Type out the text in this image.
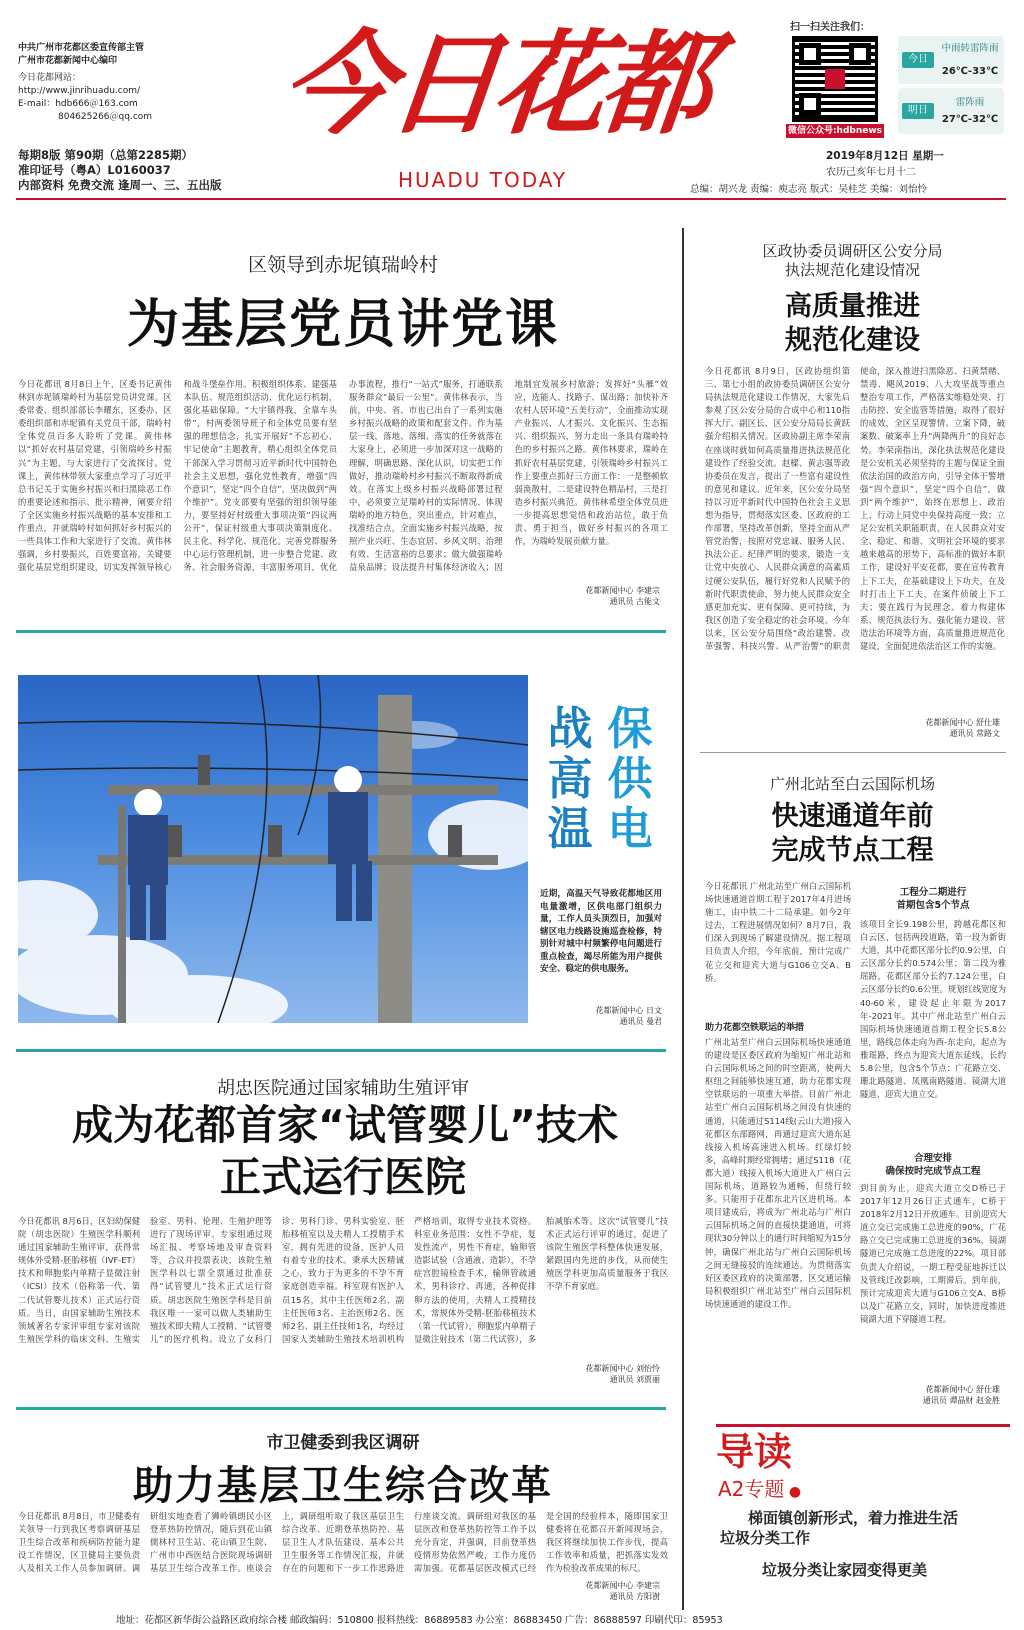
中共广州市花都区委宣传部主管
广州市花都新闻中心编印
今日花都网站：
http://www.jinrihuadu.com/
E-mail：hdb666＠163.com
804625266＠qq.com
每期8版 第90期（总第2285期）
准印证号（粤A）L0160037
内部资料 免费交流 逢周一、三、五出版
今日花都
HUADU TODAY
扫一扫关注我们：
微信公众号:hdbnews
今日
中雨转雷阵雨
26℃-33℃
明日
雷阵雨
27℃-32℃
2019年8月12日 星期一
农历己亥年七月十二
总编：胡兴龙 责编：庾志亮 版式：吴桂芝 美编：刘怡怜
区领导到赤坭镇瑞岭村
为基层党员讲党课
今日花都讯 8月8日上午，区委书记黄伟林到赤坭镇瑞岭村为基层党员讲党课。区委常委、组织部部长李耀东，区委办、区委组织部和赤坭镇有关党员干部，瑞岭村全体党员百多人聆听了党课。黄伟林以“抓好农村基层党建，引领瑞岭乡村振兴”为主题，与大家进行了交流探讨。党课上，黄伟林带领大家重点学习了习近平总书记关于实施乡村振兴和扫黑除恶工作的重要论述和指示、批示精神，阐要介绍了全区实施乡村振兴战略的基本安排和工作重点，并就瑞岭村如何抓好乡村振兴的一些具体工作和大家进行了交流。黄伟林强调，乡村要振兴，百姓要富裕，关键要强化基层党组织建设，切实发挥领导核心和战斗堡垒作用。积极组织体系、建强基本队伍、规范组织活动、优化运行机制，强化基础保障。“大宇镇得我，全靠车头带”，村两委领导班子和全体党员要有坚强的理想信念，扎实开展好“不忘初心、牢记使命”主题教育，精心组织全体党员干部深入学习贯彻习近平新时代中国特色社会主义思想，强化党性教育，增强“四个意识”，坚定“四个自信”，坚决做到“两个维护”。党支部要有坚强的组织领导能力，要坚持好村级重大事项决策“四议两公开”，保证村级重大事项决策制度化、民主化、科学化、规范化。完善党群服务中心运行管理机制，进一步整合党建、政务、社会服务资源，丰富服务项目，优化办事流程，推行“一站式”服务，打通联系服务群众“最后一公里”。黄伟林表示，当前，中央、省、市也已出台了一系列实施乡村振兴战略的政策和配套文件。作为基层一线，落地、落细、落实的任务就落在大家身上，必须进一步加深对这一战略的理解，明确思路、深化认识，切实把工作做好，推动瑞岭村乡村振兴不断取得新成效。在落实上级乡村振兴战略部署过程中，必须要立足瑞岭村的实际情况、体现瑞岭的地方特色，突出重点，针对难点，找准结合点，全面实施乡村振兴战略，按照产业兴旺、生态宜居、乡风文明、治理有效、生活富裕的总要求；做大做强瑞岭益泉品牌；设法提升村集体经济收入；因地制宜发展乡村旅游；发挥好“头雁”效应，选能人、找路子、谋出路；加快补齐农村人居环境“五美行动”，全面推动实现产业振兴、人才振兴、文化振兴、生态振兴、组织振兴，努力走出一条具有瑞岭特色的乡村振兴之路。黄伟林要求，瑞岭在抓好农村基层党建，引领瑞岭乡村振兴工作上要重点抓好三方面工作：一是整顿软弱涣散村，二是建设特色精品村，三是打造乡村振兴典范。黄伟林希望全体党员进一步提高思想觉悟和政治站位，敢于负责、勇于担当，做好乡村振兴的各项工作，为瑞岭发展贡献力量。
花都新闻中心 李建宗
通讯员 古能文
战 保
高 供
温 电
近期，高温天气导致花都地区用电量激增，区供电部门组织力量，工作人员头顶烈日，加强对辖区电力线路设施巡查检修，特别针对城中村频繁停电问题进行重点检查，竭尽所能为用户提供安全、稳定的供电服务。
花都新闻中心 日文
通讯员 曼君
胡忠医院通过国家辅助生殖评审
成为花都首家“试管婴儿”技术
正式运行医院
今日花都讯 8月6日，区妇幼保健院（胡忠医院）生殖医学科顺利通过国家辅助生殖评审，获得常规体外受精-胚胎移植（IVF-ET）技术和卵胞浆内单精子显微注射（ICSI）技术（俗称第一代、第二代试管婴儿技术）正式运行资质。当日，由国家辅助生殖技术领域著名专家评审组专家对该院生殖医学科的临床文科、生殖实验室、男科、伦理、生殖护理等进行了现场评审。专家组通过现场汇报、考察场地及审查资料等，合议并投票表决，该院生殖医学科以七票全票通过批准获得“试管婴儿”技术正式运行资质。胡忠医院生殖医学科是目前我区唯一一家可以做人类辅助生殖技术即夫精人工授精、“试管婴儿”的医疗机构。设立了女科门诊、男科门诊、男科实验室、胚胎移植室以及夫精人工授精手术室，拥有先进的设备，医护人员有着专业的技术。秉承大医精诚之心，致力于为更多的不孕不育家庭创造幸福。科室现有医护人员15名，其中主任医师2名、副主任医师3名、主治医师2名、医师2名、副主任技师1名，均经过国家人类辅助生殖技术培训机构严格培训，取得专业技术资格。科室业务范围：女性不孕症，复发性流产，男性不育症，输卵管造影试验（含通液、造影），不孕症宫腔镜检查手术，输卵管疏通术，男科诊疗、再通，各种促排卵方法的使用，夫精人工授精技术，常规体外受精-胚胎移植技术（第一代试管），卵胞浆内单精子显微注射技术（第二代试管），多胎减胎术等。这次“试管婴儿”技术正式运行评审的通过，促进了该院生殖医学科整体快速发展，紧跟国内先进的步伐，从而使生殖医学科更加高质量服务于我区不孕不育家庭。
花都新闻中心 刘怡怜
通讯员 刘贾丽
市卫健委到我区调研
助力基层卫生综合改革
今日花都讯 8月8日，市卫健委有关领导一行到我区考察调研基层卫生综合改革和疾病防控能力建设工作情况，区卫健局主要负责人及相关工作人员参加调研。调研组实地查看了狮岭镇朗民小区登革热防控情况，随后到花山镇儒林村卫生站、花山镇卫生院、广州市中西医结合医院现场调研基层卫生综合改革工作。座谈会上，调研组听取了我区基层卫生综合改革、近期登革热防控、基层卫生人才队伍建设、基本公共卫生服务等工作情况汇报，并就存在的问题和下一步工作思路进行座谈交流。调研组对我区的基层医改和登革热防控等工作予以充分肯定，并强调，目前登革热疫情形势依然严峻，工作力度仍需加强。花都基层医改模式已经是全国的经验样本，随即国家卫健委将在花都召开新闻现场会，我区将继续加快工作步伐，提高工作效率和质量，把抓落实发效作为检验改革成果的标尺。
花都新闻中心 李建宗
通讯员 方阳澍
区政协委员调研区公安分局
执法规范化建设情况
高质量推进
规范化建设
今日花都讯 8月9日，区政协组织第三、第七小组的政协委员调研区公安分局执法规范化建设工作情况，大家先后参观了区公安分局的合成中心和110指挥大厅、副区长、区公安分局局长黄跃强介绍相关情况。区政协副主席李荣南在座谈时就如何高质量推进执法规范化建设作了经验交流。赵樑、黄志强等政协委员在发言，提出了一些富有建设性的意见和建议。近年来，区公安分局坚持以习近平新时代中国特色社会主义思想为指导，贯彻落实区委、区政府的工作部署，坚持改革创新，坚持全面从严管党治警，按照对党忠诚、服务人民、执法公正、纪律严明的要求，锻造一支让党中央放心、人民群众满意的高素质过硬公安队伍，履行好党和人民赋予的新时代职责使命，努力使人民群众安全感更加充实、更有保障、更可持续，为我区创造了安全稳定的社会环境。今年以来，区公安分局围绕“政治建警、改革强警、科技兴警、从严治警”的职责使命，深入推进扫黑除恶、扫黄禁赌、禁毒、飓风2019、八大攻坚战等重点整治专项工作，严格落实维稳处突、打击防控、安全监管等措施，取得了很好的成效，全区呈现警情、立案下降，破案数、破案率上升“两降两升”的良好态势。李荣南指出，深化执法规范化建设是公安机关必须坚持的主题与保证全面依法治国的政治方向，引导全体干警增强“四个意识”，坚定“四个自信”，做到“两个维护”，始终在思想上、政治上、行动上同党中央保持高度一致；立足公安机关职能职责，在人民群众对安全、稳定、和谐、文明社会环境的要求越来越高的形势下，高标准的做好本职工作，建设好平安花都，要在宣传教育上下工夫，在基础建设上下功夫，在及时打击上下工夫，在案件侦破上下工夫；要在践行为民理念、着力构建体系、规范执法行为、强化能力建设、营造法治环境等方面，高质量推进规范化建设，全面促进依法治区工作的实施。
花都新闻中心 舒仕雄
通讯员 常路文
广州北站至白云国际机场
快速通道年前
完成节点工程
今日花都讯 广州北站至广州白云国际机场快速通道首期工程于2017年4月进场施工，由中铁二十二局承建。如今2年过去，工程进展情况如何？8月7日，我们深入到现场了解建设情况。据工程项目负责人介绍，今年底前，预计完成广花立交和迎宾大道与G106立交A、B桥。
助力花都空铁联运的举措
广州北站至广州白云国际机场快速通道的建设是区委区政府为缩短广州北站和白云国际机场之间的时空距离，使两大枢纽之间能够快速互通，助力花都实现空铁联运的一项重大举措。目前广州北站至广州白云国际机场之间没有快速的通道，只能通过S114线(云山大道)接入花都区东部路网，再通过迎宾大道东延线接入机场高速进入机场。红绿灯较多，高峰时期经常拥堵；通过S118（花都大道）线接入机场大道进入广州白云国际机场，道路较为通畅，但绕行较多。只能用于花都东北片区进机场。本项目建成后，将成为广州北站与广州白云国际机场之间的直接快捷通道，可将现状30分钟以上的通行时间缩短为15分钟，确保广州北站与广州白云国际机场之间无缝接驳的连续通达。为贯彻落实好区委区政府的决策部署，区交通运输局积极组织广州北站至广州白云国际机场快速通道的建设工作。
工程分二期进行
首期包含5个节点
该项目全长9.198公里，跨越花都区和白云区，包括两段道路，第一段为新街大道，其中花都区部分长约0.9公里，白云区部分长约0.574公里；第二段为雅瑶路，花都区部分长约7.124公里，白云区部分长约0.6公里。规划红线宽度为40-60米，建设起止年限为2017年-2021年。其中广州北站至广州白云国际机场快速通道首期工程全长5.8公里，路线总体走向为西-东走向，起点为雅瑶路，终点为迎宾大道东延线，长约5.8公里，包含5个节点：广花路立交、珊北路隧道、凤凰南路隧道、镜湖大道隧道、迎宾大道立交。
合理安排
确保按时完成节点工程
到目前为止，迎宾大道立交D桥已于2017年12月26日正式通车，C桥于2018年2月12日开放通车。目前迎宾大道立交已完成施工总进度的90%，广花路立交已完成施工总进度的36%，镜湖隧道已完成施工总进度的22%。项目部负责人介绍说，一期工程受征地拆迁以及管线迁改影响，工期滞后。到年前，预计完成迎宾大道与G106立交A、B桥以及广花路立交，同时，加快进度推进镜湖大道下穿隧道工程。
花都新闻中心 舒仕雄
通讯员 谭晶财 赵金胜
导读
A2专题 ●
梯面镇创新形式，着力推进生活
垃圾分类工作
垃圾分类让家园变得更美
地址：花都区新华街公益路区政府综合楼 邮政编码：510800 报料热线：86889583 办公室：86883450 广告：86888597 印刷代印：85953
